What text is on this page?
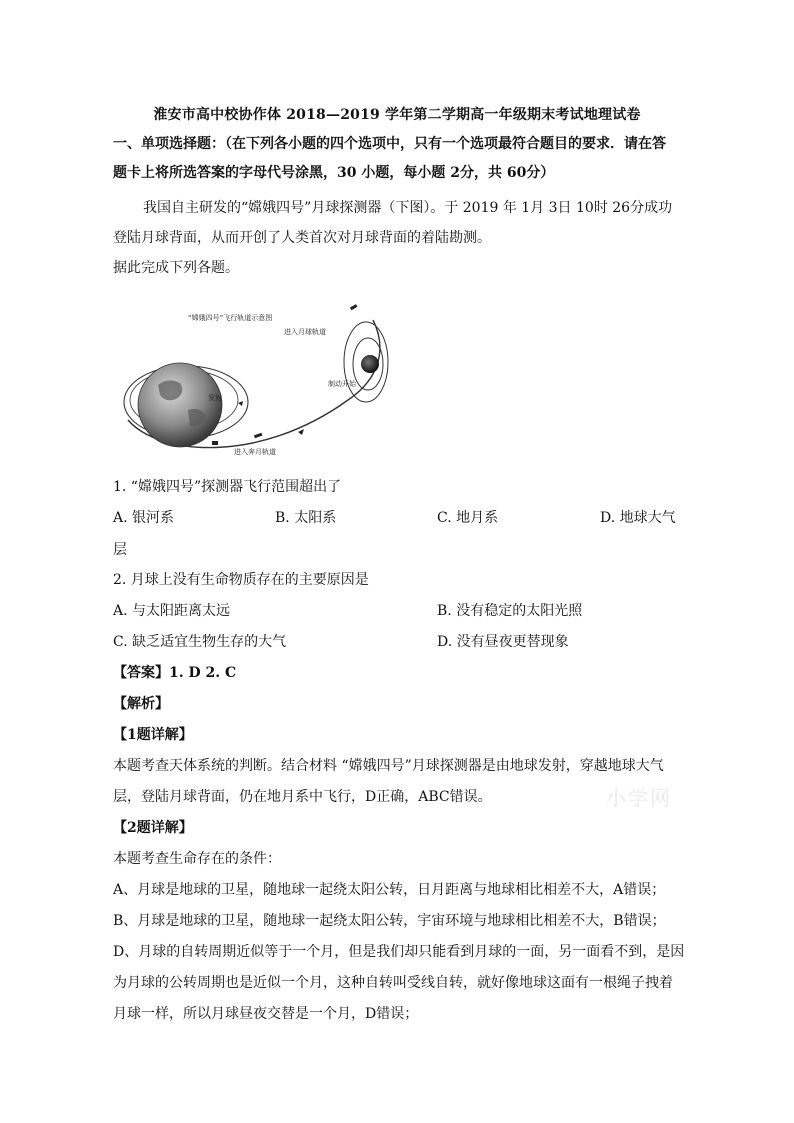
淮安市高中校协作体 2018—2019 学年第二学期高一年级期末考试地理试卷
一、单项选择题：（在下列各小题的四个选项中，只有一个选项最符合题目的要求．请在答
题卡上将所选答案的字母代号涂黑，30 小题，每小题 2分，共 60分）
我国自主研发的“嫦娥四号”月球探测器（下图）。于 2019 年 1月 3日 10时 26分成功
登陆月球背面，从而开创了人类首次对月球背面的着陆勘测。
据此完成下列各题。
“嫦娥四号”飞行轨道示意图
进入月球轨道
制动开始
发射
进入奔月轨道
1. “嫦娥四号”探测器飞行范围超出了
A. 银河系	B. 太阳系	C. 地月系	D. 地球大气
层
2. 月球上没有生命物质存在的主要原因是
A. 与太阳距离太远	B. 没有稳定的太阳光照
C. 缺乏适宜生物生存的大气	D. 没有昼夜更替现象
【答案】1. D 2. C
【解析】
【1题详解】
本题考查天体系统的判断。结合材料 “嫦娥四号”月球探测器是由地球发射，穿越地球大气
层，登陆月球背面，仍在地月系中飞行，D正确，ABC错误。
【2题详解】
本题考查生命存在的条件：
A、月球是地球的卫星，随地球一起绕太阳公转，日月距离与地球相比相差不大，A错误；
B、月球是地球的卫星，随地球一起绕太阳公转，宇宙环境与地球相比相差不大，B错误；
D、月球的自转周期近似等于一个月，但是我们却只能看到月球的一面，另一面看不到，是因
为月球的公转周期也是近似一个月，这种自转叫受线自转，就好像地球这面有一根绳子拽着
月球一样，所以月球昼夜交替是一个月，D错误；
小学网
